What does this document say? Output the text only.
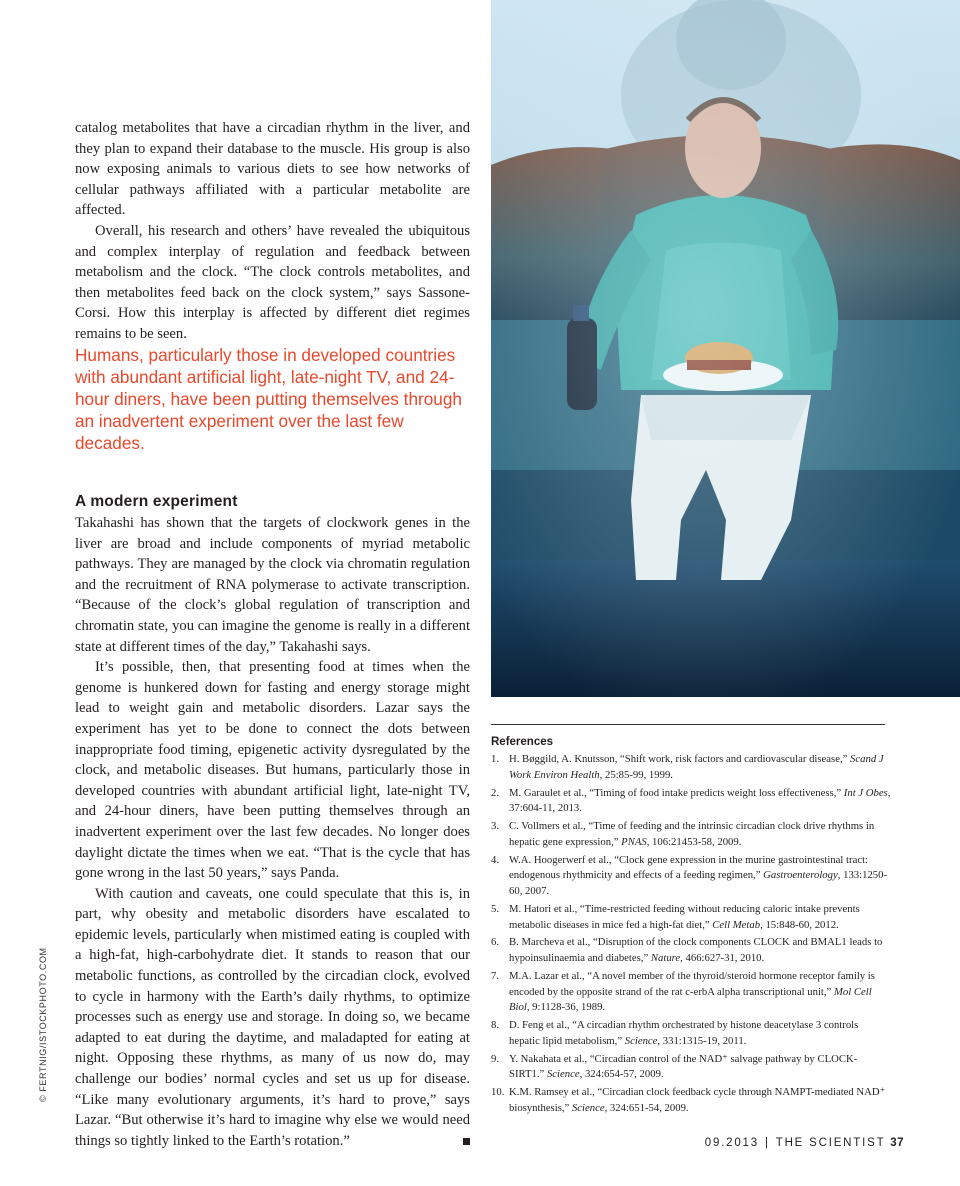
catalog metabolites that have a circadian rhythm in the liver, and they plan to expand their database to the muscle. His group is also now exposing animals to various diets to see how networks of cellular pathways affiliated with a particular metabolite are affected.

Overall, his research and others’ have revealed the ubiquitous and complex interplay of regulation and feedback between metabolism and the clock. “The clock controls metabolites, and then metabolites feed back on the clock system,” says Sassone-Corsi. How this interplay is affected by different diet regimes remains to be seen.

Humans, particularly those in developed countries with abundant artificial light, late-night TV, and 24-hour diners, have been putting themselves through an inadvertent experiment over the last few decades.

A modern experiment

Takahashi has shown that the targets of clockwork genes in the liver are broad and include components of myriad metabolic pathways. They are managed by the clock via chromatin regulation and the recruitment of RNA polymerase to activate transcription. “Because of the clock’s global regulation of transcription and chromatin state, you can imagine the genome is really in a different state at different times of the day,” Takahashi says.

It’s possible, then, that presenting food at times when the genome is hunkered down for fasting and energy storage might lead to weight gain and metabolic disorders. Lazar says the experiment has yet to be done to connect the dots between inappropriate food timing, epigenetic activity dysregulated by the clock, and metabolic diseases. But humans, particularly those in developed countries with abundant artificial light, late-night TV, and 24-hour diners, have been putting themselves through an inadvertent experiment over the last few decades. No longer does daylight dictate the times when we eat. “That is the cycle that has gone wrong in the last 50 years,” says Panda.

With caution and caveats, one could speculate that this is, in part, why obesity and metabolic disorders have escalated to epidemic levels, particularly when mistimed eating is coupled with a high-fat, high-carbohydrate diet. It stands to reason that our metabolic functions, as controlled by the circadian clock, evolved to cycle in harmony with the Earth’s daily rhythms, to optimize processes such as energy use and storage. In doing so, we became adapted to eat during the daytime, and maladapted for eating at night. Opposing these rhythms, as many of us now do, may challenge our bodies’ normal cycles and set us up for disease. “Like many evolutionary arguments, it’s hard to prove,” says Lazar. “But otherwise it’s hard to imagine why else we would need things so tightly linked to the Earth’s rotation.”

© FERTNIG/ISTOCKPHOTO.COM
References
1. H. Bøggild, A. Knutsson, “Shift work, risk factors and cardiovascular disease,” Scand J Work Environ Health, 25:85-99, 1999.
2. M. Garaulet et al., “Timing of food intake predicts weight loss effectiveness,” Int J Obes, 37:604-11, 2013.
3. C. Vollmers et al., “Time of feeding and the intrinsic circadian clock drive rhythms in hepatic gene expression,” PNAS, 106:21453-58, 2009.
4. W.A. Hoogerwerf et al., “Clock gene expression in the murine gastrointestinal tract: endogenous rhythmicity and effects of a feeding regimen,” Gastroenterology, 133:1250-60, 2007.
5. M. Hatori et al., “Time-restricted feeding without reducing caloric intake prevents metabolic diseases in mice fed a high-fat diet,” Cell Metab, 15:848-60, 2012.
6. B. Marcheva et al., “Disruption of the clock components CLOCK and BMAL1 leads to hypoinsulinaemia and diabetes,” Nature, 466:627-31, 2010.
7. M.A. Lazar et al., “A novel member of the thyroid/steroid hormone receptor family is encoded by the opposite strand of the rat c-erbA alpha transcriptional unit,” Mol Cell Biol, 9:1128-36, 1989.
8. D. Feng et al., “A circadian rhythm orchestrated by histone deacetylase 3 controls hepatic lipid metabolism,” Science, 331:1315-19, 2011.
9. Y. Nakahata et al., “Circadian control of the NAD⁺ salvage pathway by CLOCK-SIRT1.” Science, 324:654-57, 2009.
10. K.M. Ramsey et al., “Circadian clock feedback cycle through NAMPT-mediated NAD⁺ biosynthesis,” Science, 324:651-54, 2009.
09.2013 | THE SCIENTIST 37
